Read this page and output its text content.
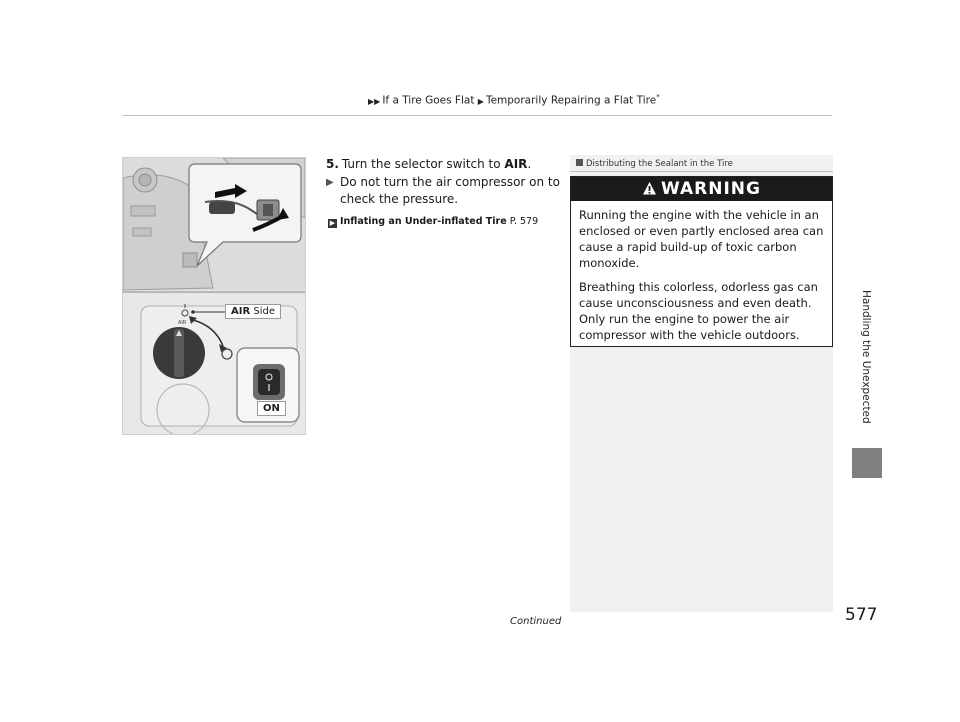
▶▶ If a Tire Goes Flat ▶ Temporarily Repairing a Flat Tire*
AIR
AIR Side
ON
5. Turn the selector switch to AIR.
▶ Do not turn the air compressor on to check the pressure.
▶ Inflating an Under-inflated Tire P. 579
Distributing the Sealant in the Tire
WARNING

Running the engine with the vehicle in an enclosed or even partly enclosed area can cause a rapid build-up of toxic carbon monoxide.

Breathing this colorless, odorless gas can cause unconsciousness and even death. Only run the engine to power the air compressor with the vehicle outdoors.	Handling the Unexpected
Continued	577
